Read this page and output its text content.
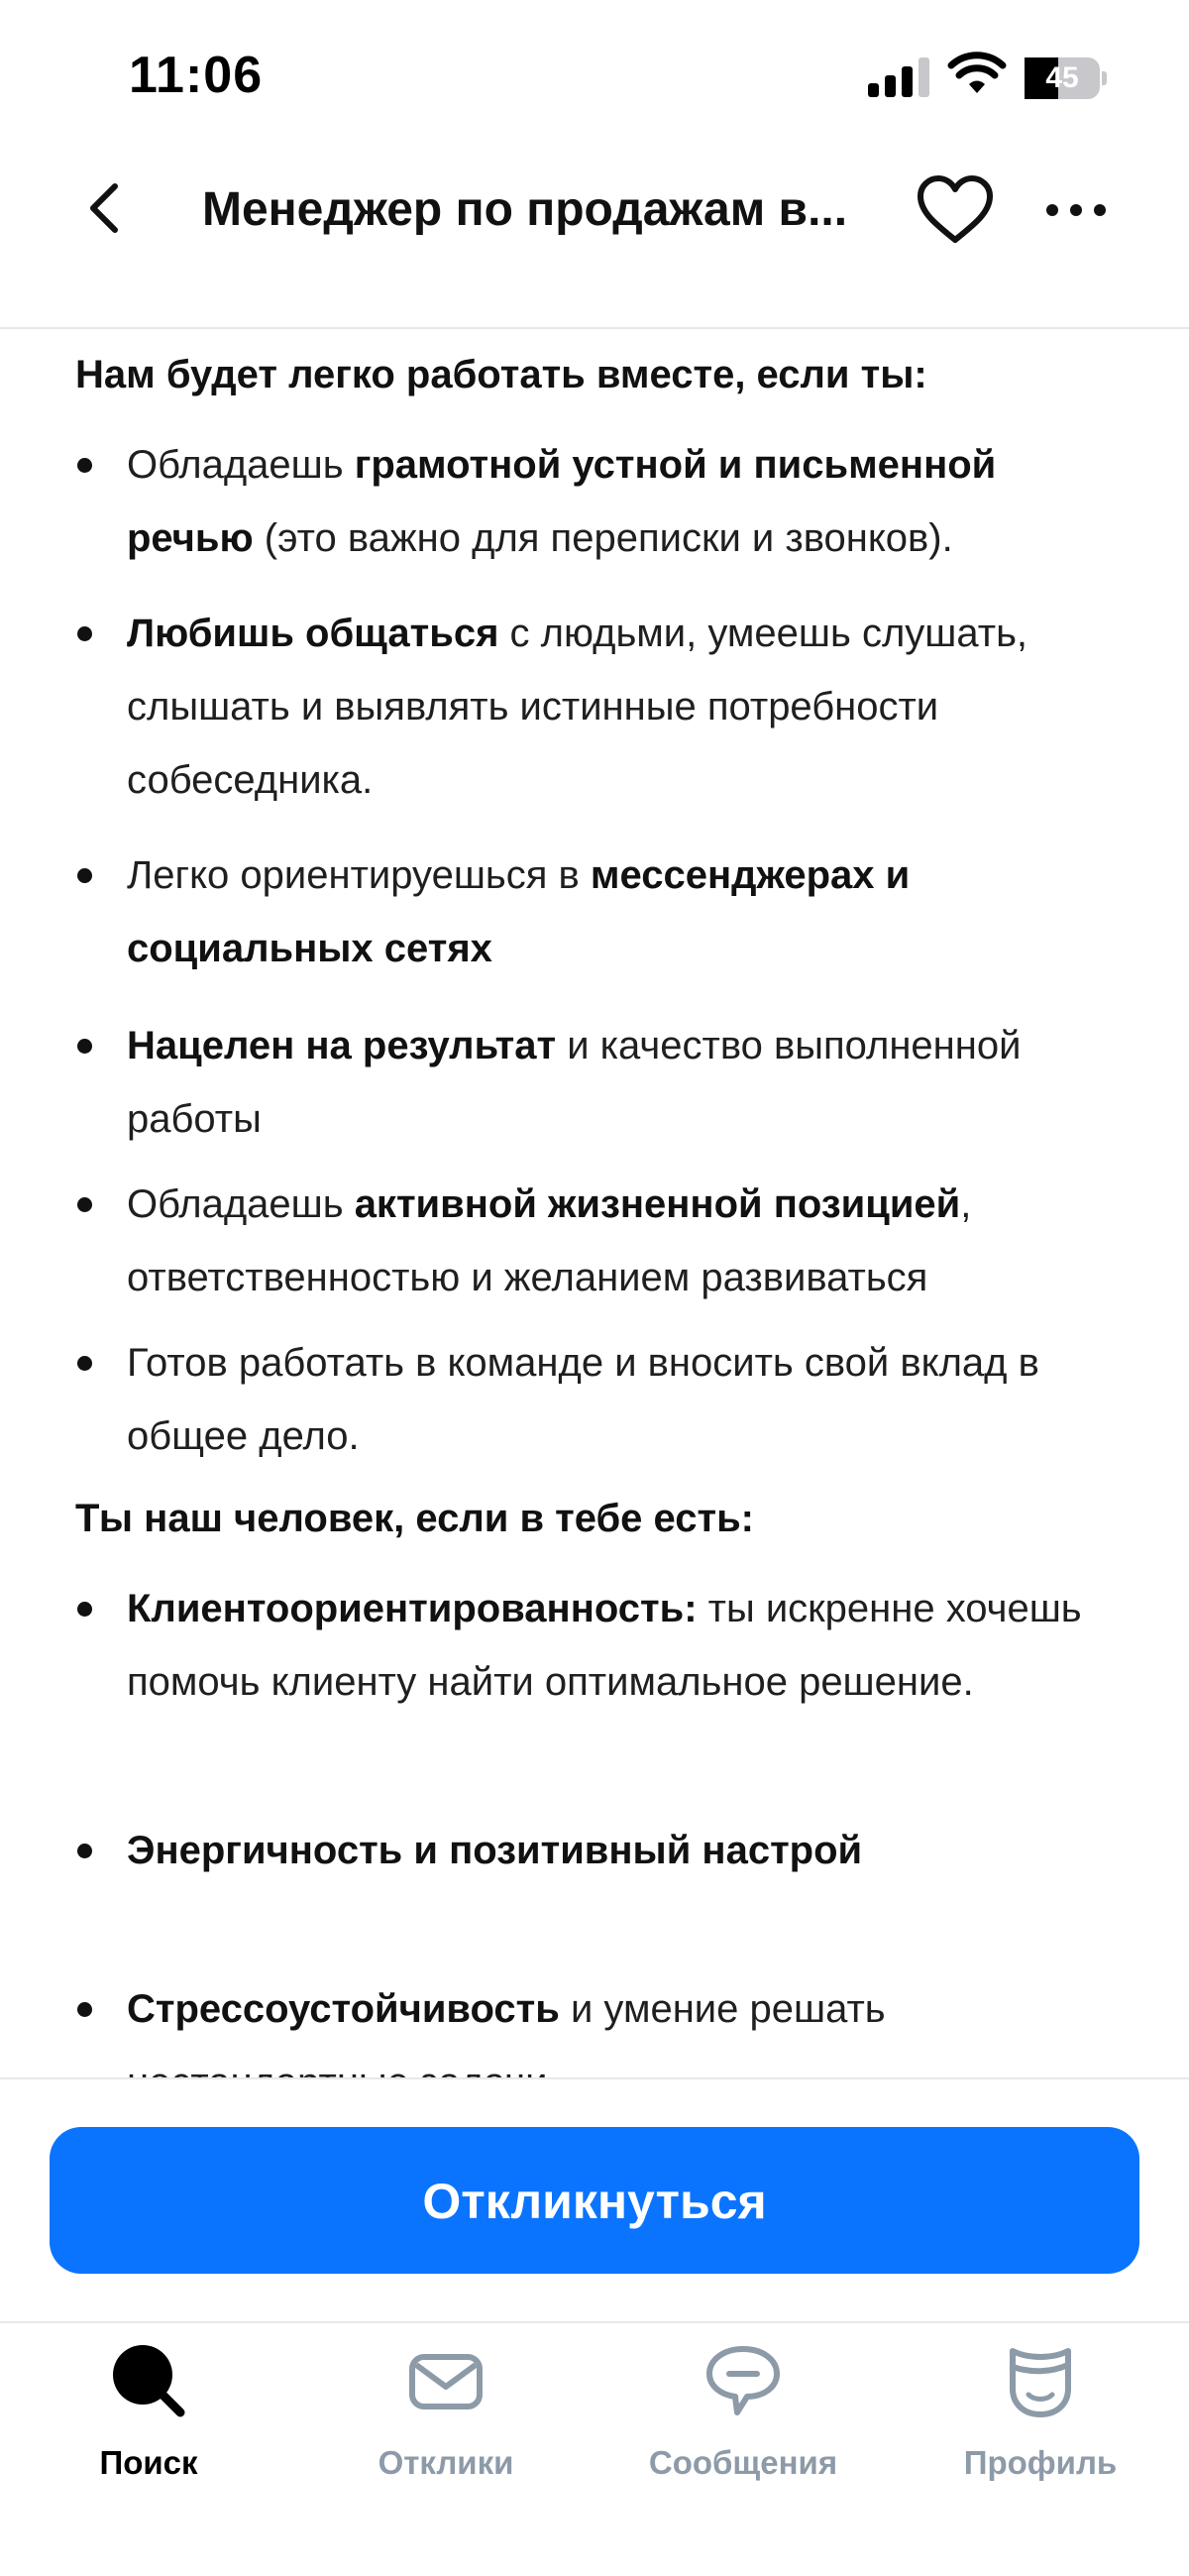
11:06	45
Менеджер по продажам в...
Нам будет легко работать вместе, если ты:
Обладаешь грамотной устной и письменной речью (это важно для переписки и звонков).
Любишь общаться с людьми, умеешь слушать, слышать и выявлять истинные потребности собеседника.
Легко ориентируешься в мессенджерах и социальных сетях
Нацелен на результат и качество выполненной работы
Обладаешь активной жизненной позицией, ответственностью и желанием развиваться
Готов работать в команде и вносить свой вклад в общее дело.
Ты наш человек, если в тебе есть:
Клиентоориентированность: ты искренне хочешь помочь клиенту найти оптимальное решение.
Энергичность и позитивный настрой
Стрессоустойчивость и умение решать
Откликнуться
Поиск	Отклики	Сообщения	Профиль
